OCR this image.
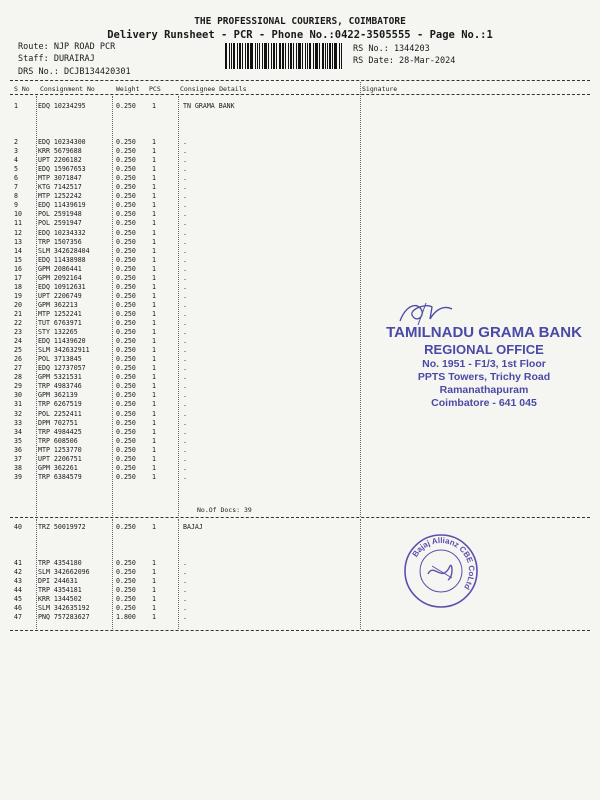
THE PROFESSIONAL COURIERS, COIMBATORE
Delivery Runsheet - PCR - Phone No.:0422-3505555 - Page No.:1
Route: NJP ROAD PCR
Staff: DURAIRAJ
DRS No.: DCJB134420301
RS No.: 1344203
RS Date: 28-Mar-2024
S No Consignment No	Weight PCS	Consignee Details	Signature
1	EDQ 10234295	0.250 1	TN GRAMA BANK
2	EDQ 10234300	0.250 1	.
3	KRR 5679688	0.250 1	.
4	UPT 2206182	0.250 1	.
5	EDQ 15967653	0.250 1	.
6	MTP 3071847	0.250 1	.
7	KTG 7142517	0.250 1	.
8	MTP 1252242	0.250 1	.
9	EDQ 11439619	0.250 1	.
10 POL 2591948	0.250 1	.
11 POL 2591947	0.250 1	.
12 EDQ 10234332	0.250 1	.
13 TRP 1507356	0.250 1	.
14 SLM 342628404	0.250 1	.
15 EDQ 11438988	0.250 1	.
16 GPM 2086441	0.250 1	.
17 GPM 2092164	0.250 1	.
18 EDQ 10912631	0.250 1	.
19 UPT 2206749	0.250 1	.
20 GPM 362213	0.250 1	.
21 MTP 1252241	0.250 1	.
22 TUT 6763971	0.250 1	.
23 STY 132265	0.250 1	.
24 EDQ 11439620	0.250 1	.
25 SLM 342632911	0.250 1	.
26 POL 3713845	0.250 1	.
27 EDQ 12737057	0.250 1	.
28 GPM 5321531	0.250 1	.
29 TRP 4983746	0.250 1	.
30 GPM 362139	0.250 1	.
31 TRP 6267519	0.250 1	.
32 POL 2252411	0.250 1	.
33 DPM 702751	0.250 1	.
34 TRP 4984425	0.250 1	.
35 TRP 608506	0.250 1	.
36 MTP 1253770	0.250 1	.
37 UPT 2206751	0.250 1	.
38 GPM 362261	0.250 1	.
39 TRP 6384579	0.250 1	.
No.Of Docs: 39
40 TRZ 50019972	0.250 1	BAJAJ
41 TRP 4354180	0.250 1	.
42 SLM 342662096	0.250 1	.
43 DPI 244631	0.250 1	.
44 TRP 4354181	0.250 1	.
45 KRR 1344502	0.250 1	.
46 SLM 342635192	0.250 1	.
47 PNQ 757283627	1.800 1	.
TAMILNADU GRAMA BANK
REGIONAL OFFICE
No. 1951 - F1/3, 1st Floor
PPTS Towers, Trichy Road
Ramanathapuram
Coimbatore - 641 045
Bajaj Allianz CBE CoLtd
